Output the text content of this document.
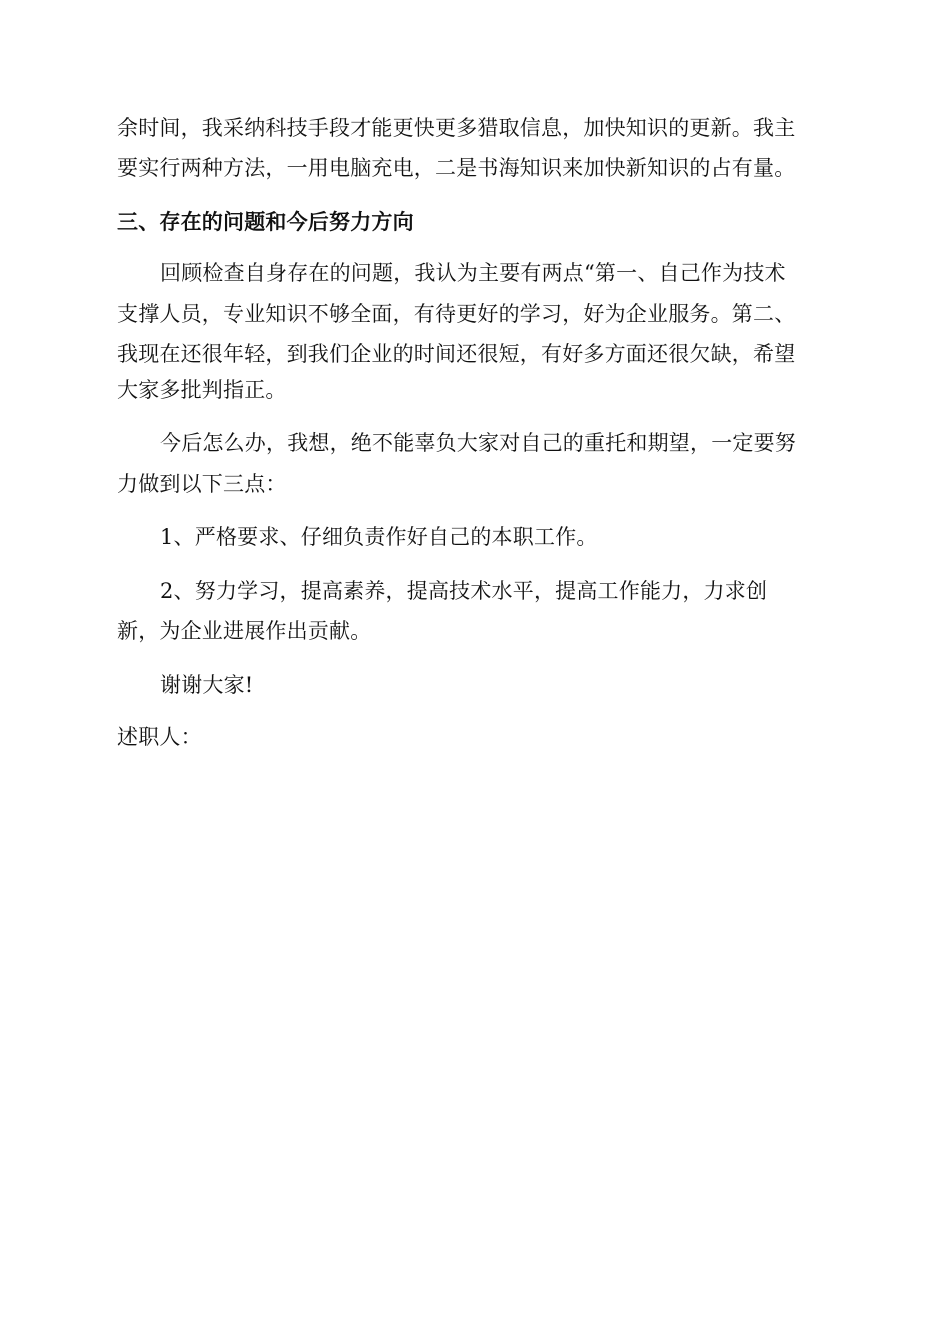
余时间，我采纳科技手段才能更快更多猎取信息，加快知识的更新。我主
要实行两种方法，一用电脑充电，二是书海知识来加快新知识的占有量。
三、存在的问题和今后努力方向
回顾检查自身存在的问题，我认为主要有两点“第一、自己作为技术
支撑人员，专业知识不够全面，有待更好的学习，好为企业服务。第二、
我现在还很年轻，到我们企业的时间还很短，有好多方面还很欠缺，希望
大家多批判指正。
今后怎么办，我想，绝不能辜负大家对自己的重托和期望，一定要努
力做到以下三点：
1、严格要求、仔细负责作好自己的本职工作。
2、努力学习，提高素养，提高技术水平，提高工作能力，力求创
新，为企业进展作出贡献。
谢谢大家!
述职人：
